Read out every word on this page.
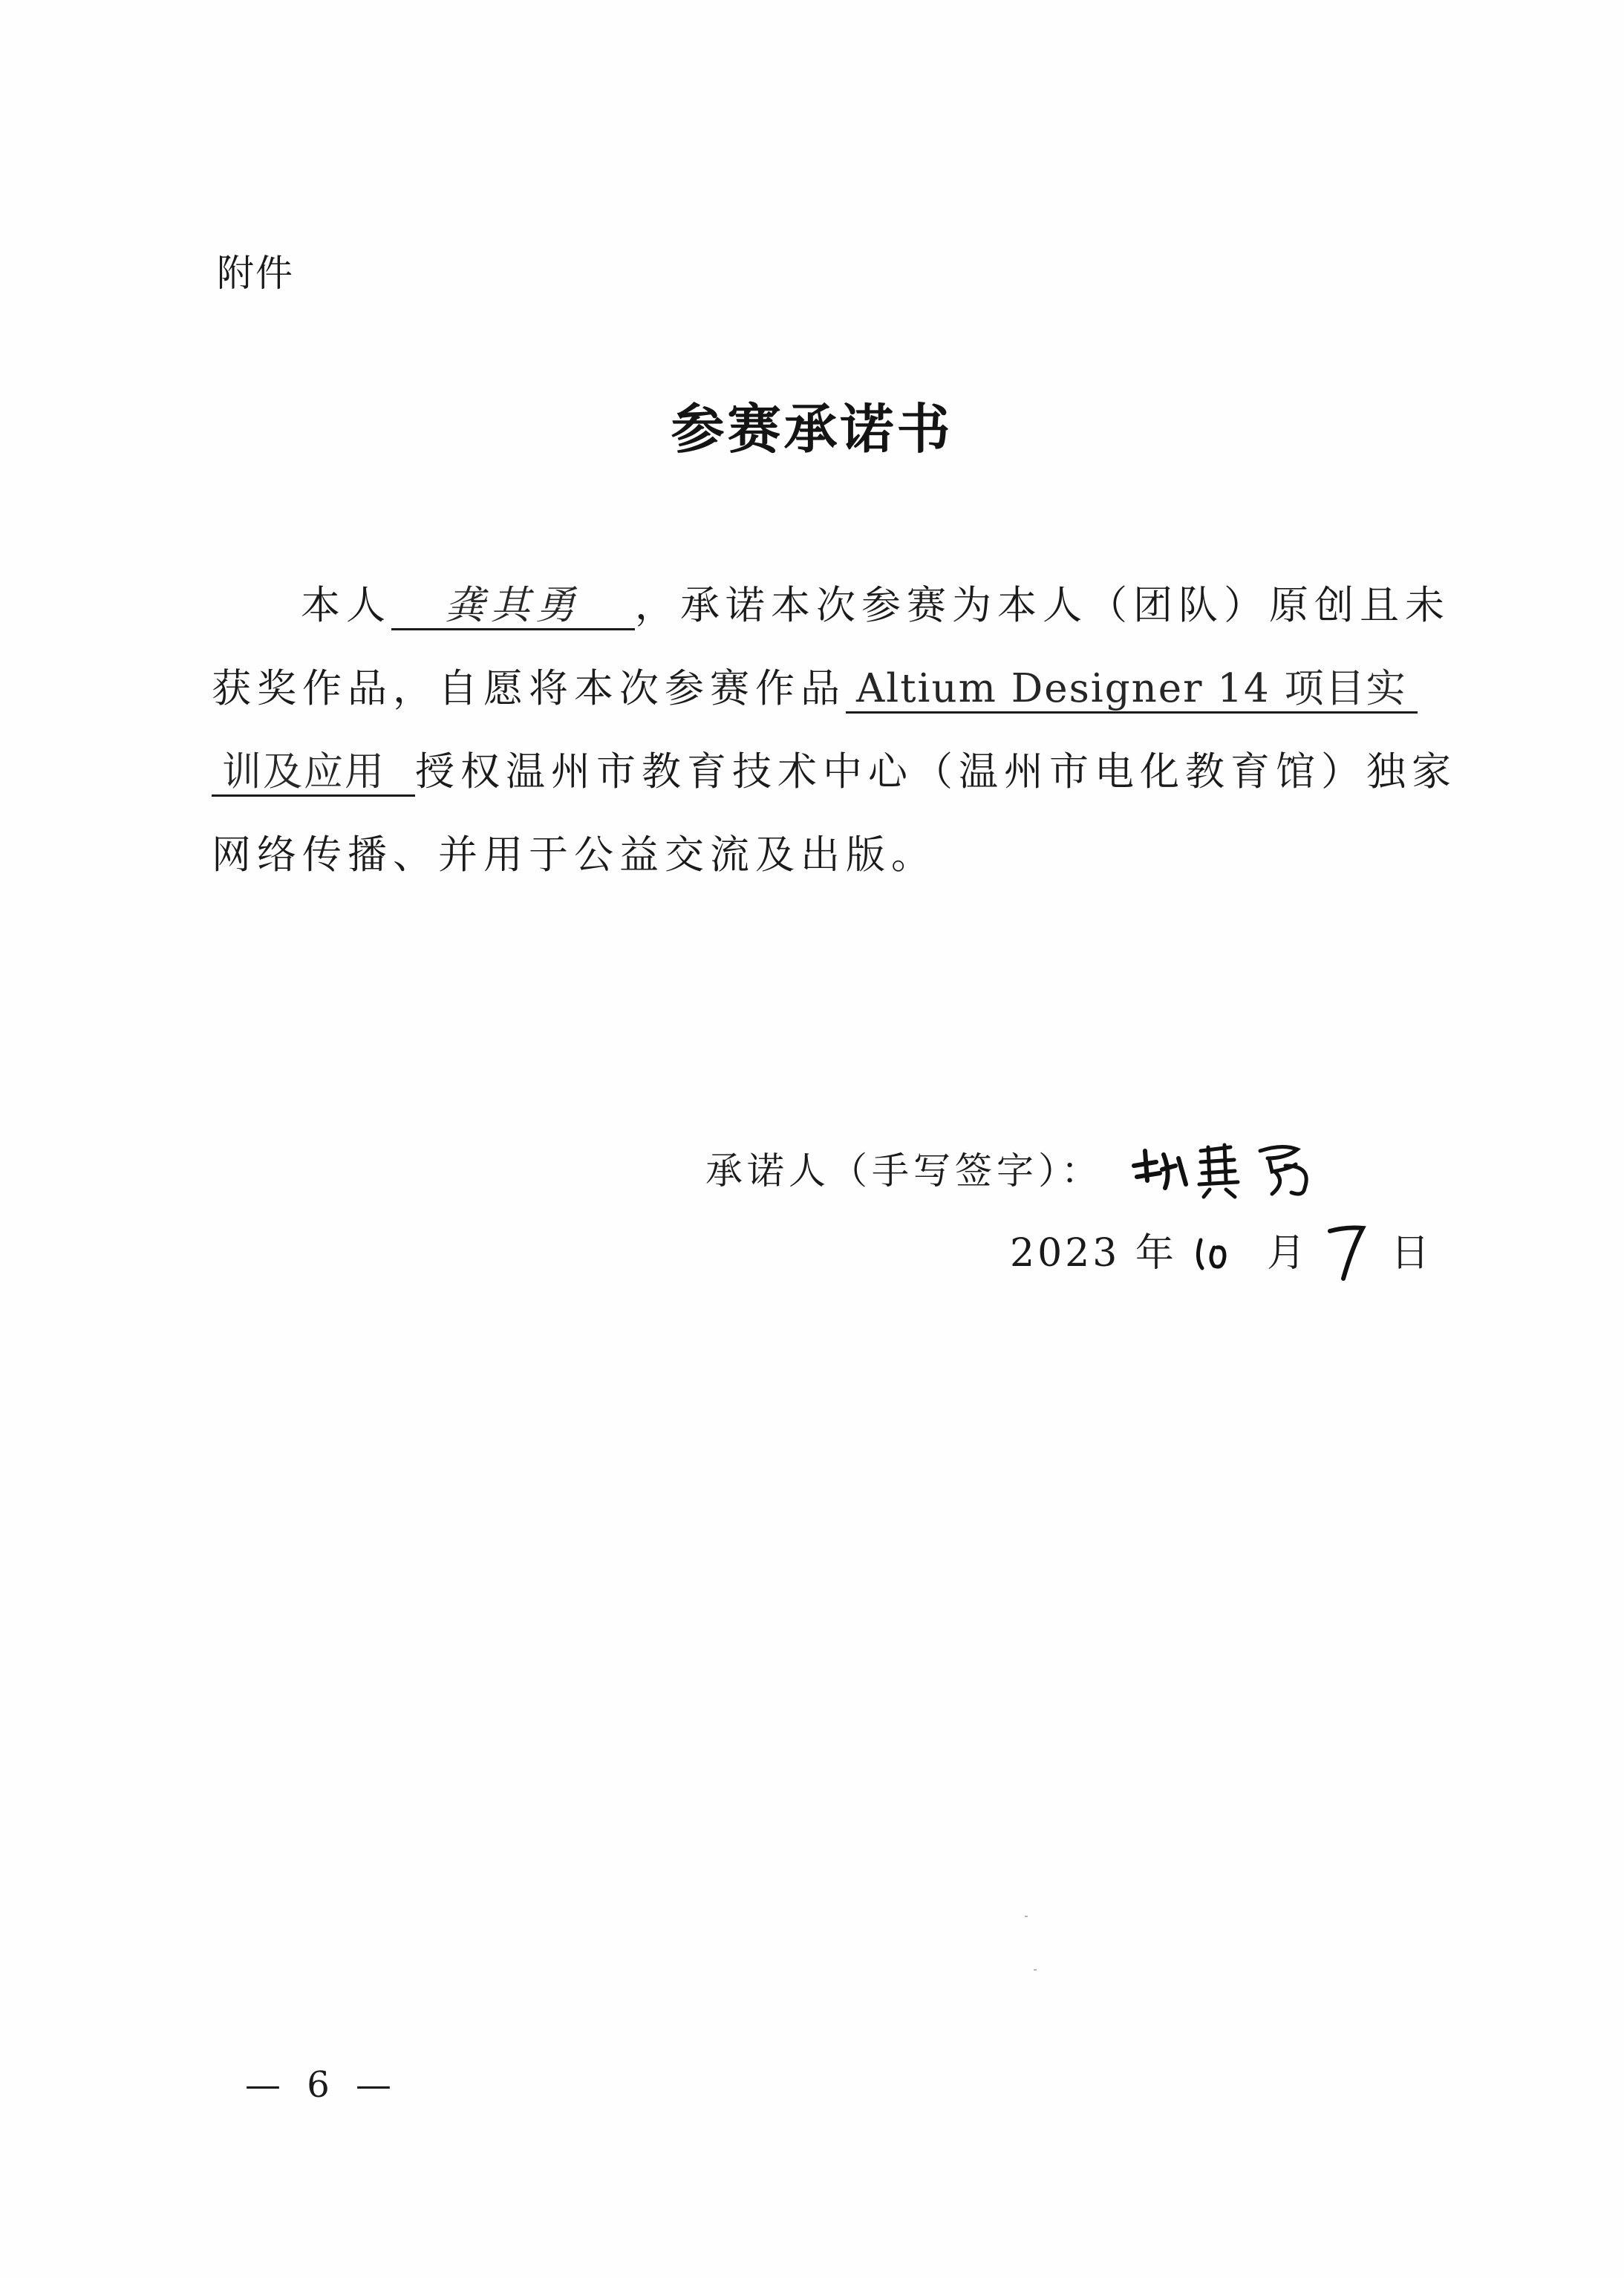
附件
参赛承诺书
本人 龚其勇 ，承诺本次参赛为本人（团队）原创且未
获奖作品，自愿将本次参赛作品 Altium Designer 14 项目实
训及应用 授权温州市教育技术中心（温州市电化教育馆）独家
网络传播、并用于公益交流及出版。
承诺人（手写签字）：
2023 年 月 日
— 6 —
